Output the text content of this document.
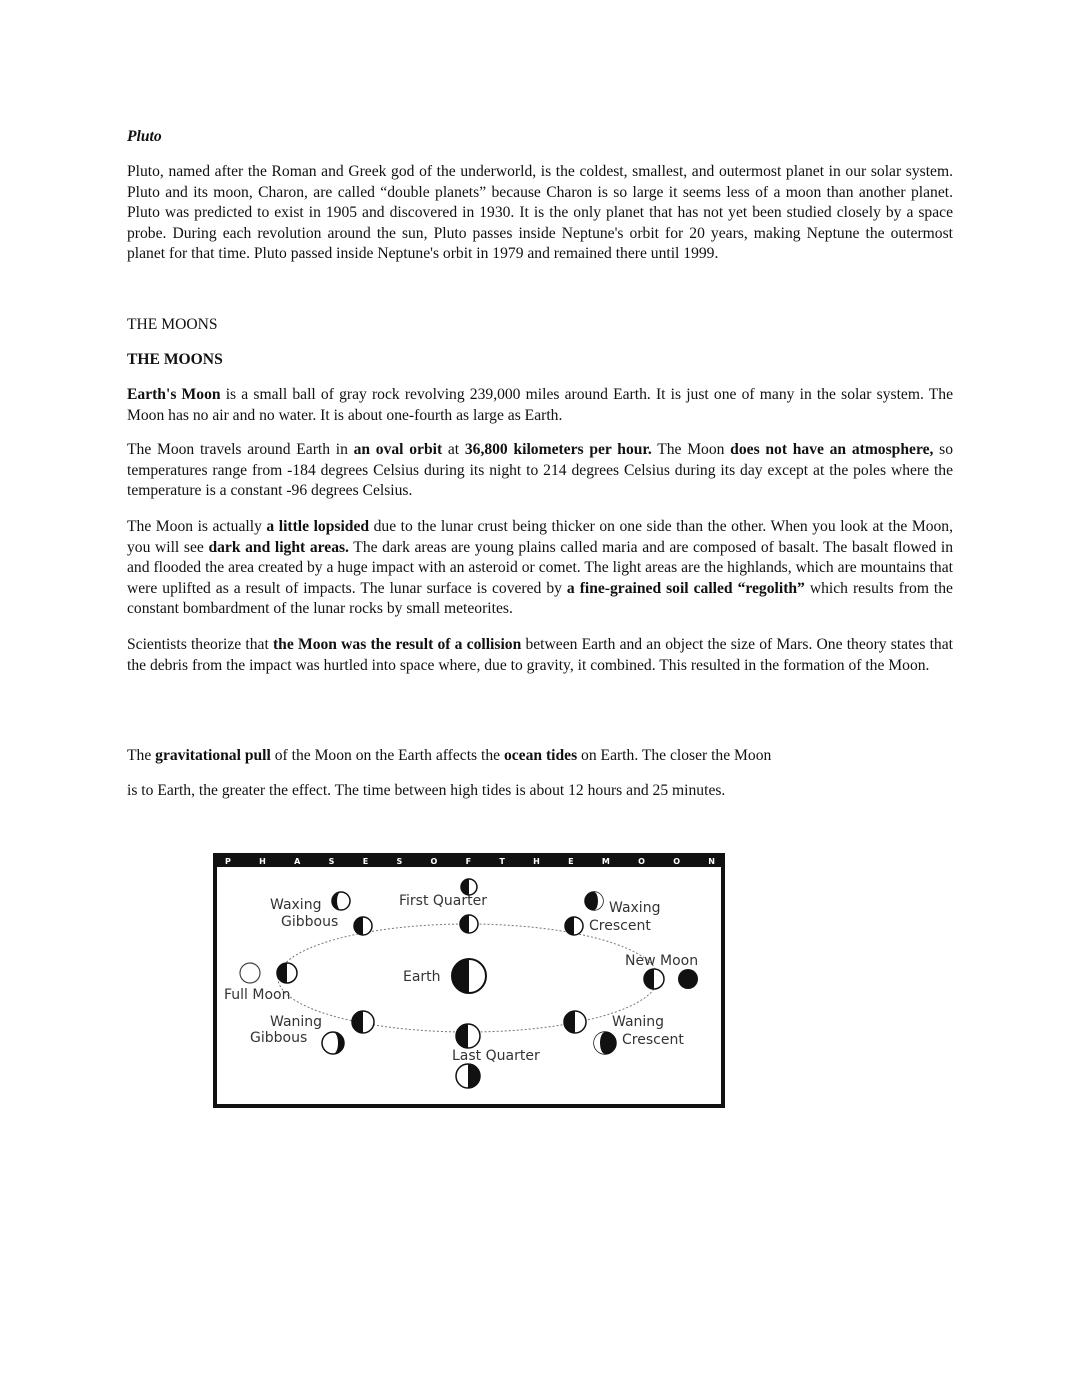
Pluto
Pluto, named after the Roman and Greek god of the underworld, is the coldest, smallest, and outermost planet in our solar system. Pluto and its moon, Charon, are called “double planets” because Charon is so large it seems less of a moon than another planet. Pluto was predicted to exist in 1905 and discovered in 1930. It is the only planet that has not yet been studied closely by a space probe. During each revolution around the sun, Pluto passes inside Neptune's orbit for 20 years, making Neptune the outermost planet for that time. Pluto passed inside Neptune's orbit in 1979 and remained there until 1999.
THE MOONS
THE MOONS
Earth's Moon is a small ball of gray rock revolving 239,000 miles around Earth. It is just one of many in the solar system. The Moon has no air and no water. It is about one-fourth as large as Earth.
The Moon travels around Earth in an oval orbit at 36,800 kilometers per hour. The Moon does not have an atmosphere, so temperatures range from -184 degrees Celsius during its night to 214 degrees Celsius during its day except at the poles where the temperature is a constant -96 degrees Celsius.
The Moon is actually a little lopsided due to the lunar crust being thicker on one side than the other. When you look at the Moon, you will see dark and light areas. The dark areas are young plains called maria and are composed of basalt. The basalt flowed in and flooded the area created by a huge impact with an asteroid or comet. The light areas are the highlands, which are mountains that were uplifted as a result of impacts. The lunar surface is covered by a fine-grained soil called “regolith” which results from the constant bombardment of the lunar rocks by small meteorites.
Scientists theorize that the Moon was the result of a collision between Earth and an object the size of Mars. One theory states that the debris from the impact was hurtled into space where, due to gravity, it combined. This resulted in the formation of the Moon.
The gravitational pull of the Moon on the Earth affects the ocean tides on Earth. The closer the Moon
is to Earth, the greater the effect. The time between high tides is about 12 hours and 25 minutes.
P H A S E S O F T H E M O O N
Earth
Waxing
Gibbous
First Quarter	Waxing
Crescent
New Moon
Full Moon
Waning
Gibbous
Last Quarter
Waning
Crescent
